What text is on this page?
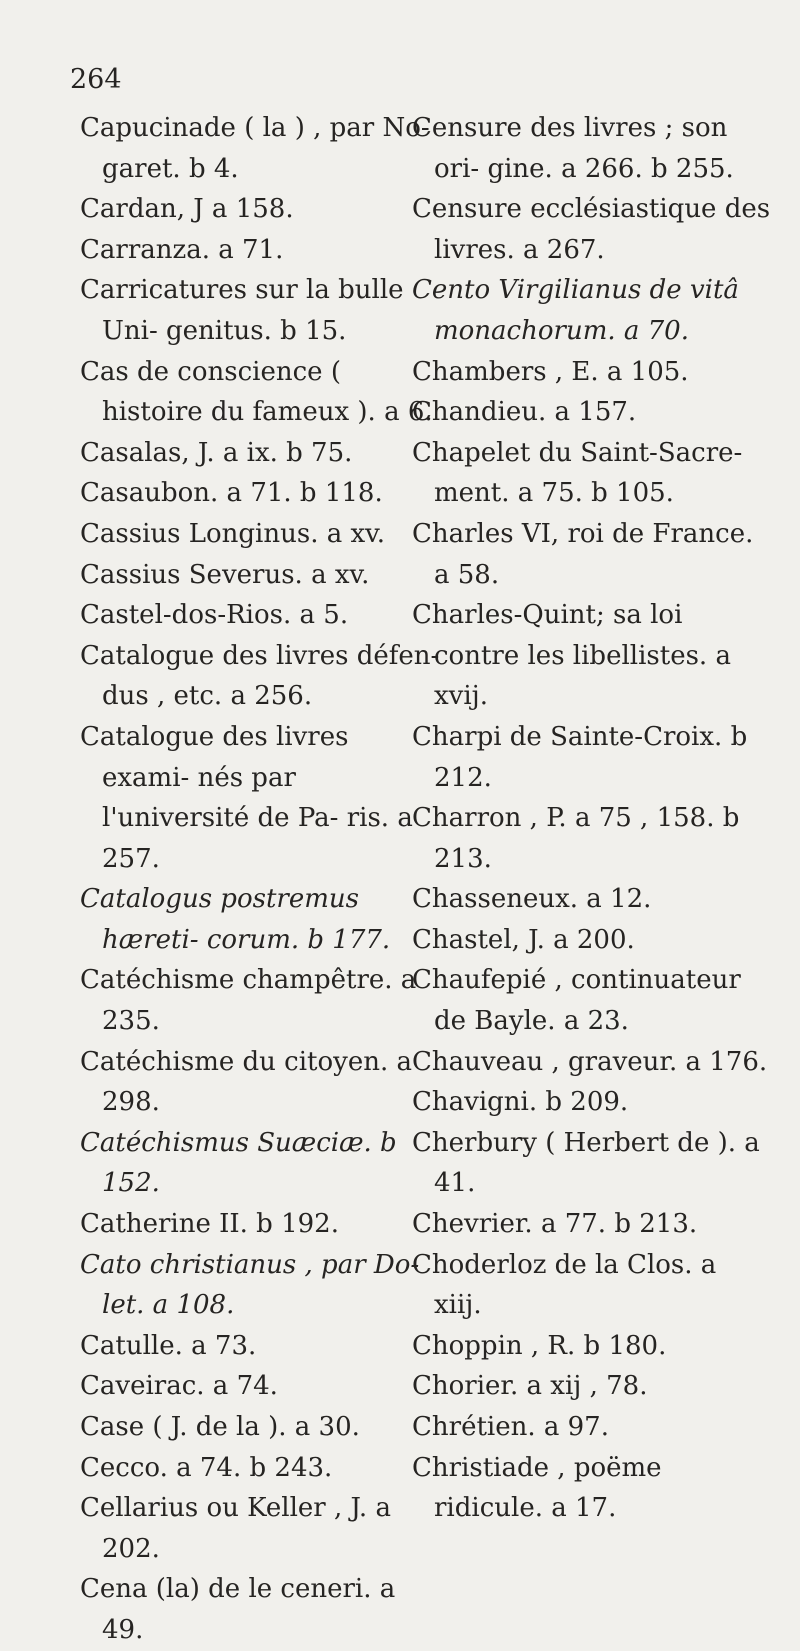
264
Capucinade ( la ) , par No- garet. b 4.
Cardan, J a 158.
Carranza. a 71.
Carricatures sur la bulle Uni- genitus. b 15.
Cas de conscience ( histoire du fameux ). a 6.
Casalas, J. a ix. b 75.
Casaubon. a 71. b 118.
Cassius Longinus. a xv.
Cassius Severus. a xv.
Castel-dos-Rios. a 5.
Catalogue des livres défen- dus , etc. a 256.
Catalogue des livres exami- nés par l'université de Pa- ris. a 257.
Catalogus postremus hæreti- corum. b 177.
Catéchisme champêtre. a 235.
Catéchisme du citoyen. a 298.
Catéchismus Suæciæ. b 152.
Catherine II. b 192.
Cato christianus , par Do- let. a 108.
Catulle. a 73.
Caveirac. a 74.
Case ( J. de la ). a 30.
Cecco. a 74. b 243.
Cellarius ou Keller , J. a 202.
Cena (la) de le ceneri. a 49.
Censure des livres ; son ori- gine. a 266. b 255.
Censure ecclésiastique des livres. a 267.
Cento Virgilianus de vitâ monachorum. a 70.
Chambers , E. a 105.
Chandieu. a 157.
Chapelet du Saint-Sacre- ment. a 75. b 105.
Charles VI, roi de France. a 58.
Charles-Quint; sa loi contre les libellistes. a xvij.
Charpi de Sainte-Croix. b 212.
Charron , P. a 75 , 158. b 213.
Chasseneux. a 12.
Chastel, J. a 200.
Chaufepié , continuateur de Bayle. a 23.
Chauveau , graveur. a 176.
Chavigni. b 209.
Cherbury ( Herbert de ). a 41.
Chevrier. a 77. b 213.
Choderloz de la Clos. a xiij.
Choppin , R. b 180.
Chorier. a xij , 78.
Chrétien. a 97.
Christiade , poëme ridicule. a 17.
